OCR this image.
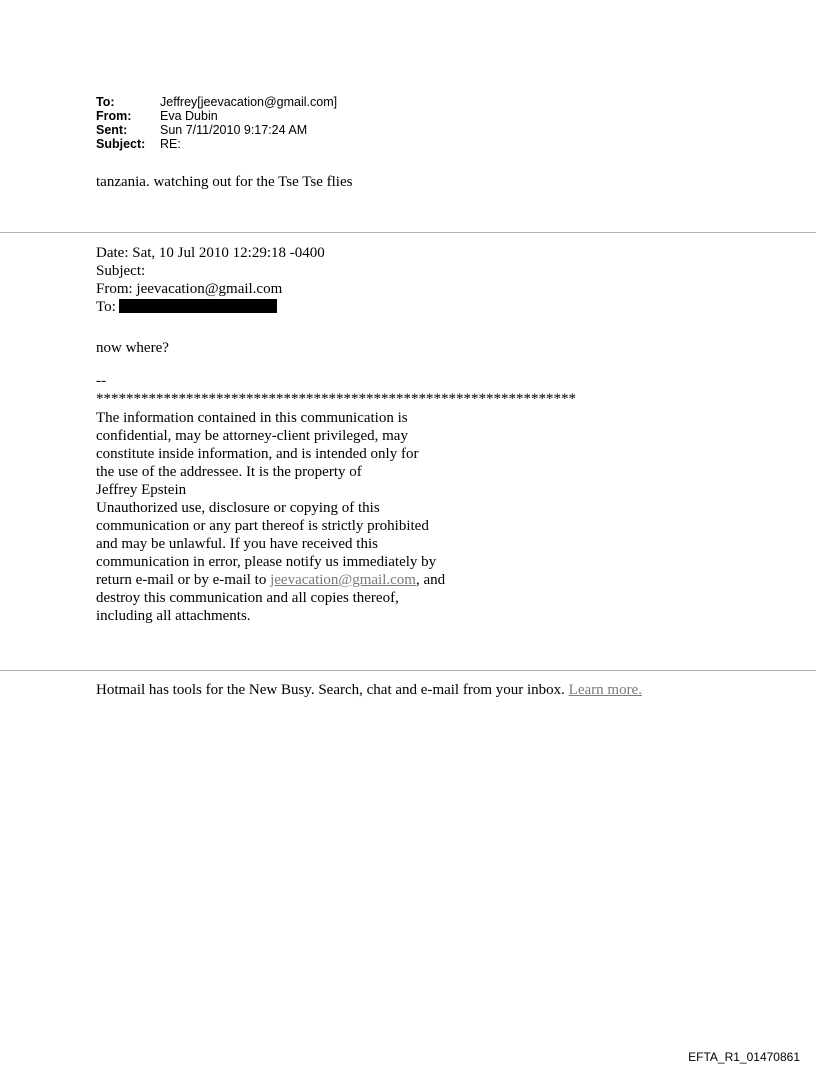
To:	Jeffrey[jeevacation@gmail.com]
From:	Eva Dubin
Sent:	Sun 7/11/2010 9:17:24 AM
Subject:	RE:
tanzania. watching out for the Tse Tse flies
Date: Sat, 10 Jul 2010 12:29:18 -0400
Subject:
From: jeevacation@gmail.com
To:
now where?
--
****************************************************************
The information contained in this communication is
confidential, may be attorney-client privileged, may
constitute inside information, and is intended only for
the use of the addressee. It is the property of
Jeffrey Epstein
Unauthorized use, disclosure or copying of this
communication or any part thereof is strictly prohibited
and may be unlawful. If you have received this
communication in error, please notify us immediately by
return e-mail or by e-mail to jeevacation@gmail.com, and
destroy this communication and all copies thereof,
including all attachments.
Hotmail has tools for the New Busy. Search, chat and e-mail from your inbox. Learn more.
EFTA_R1_01470861
